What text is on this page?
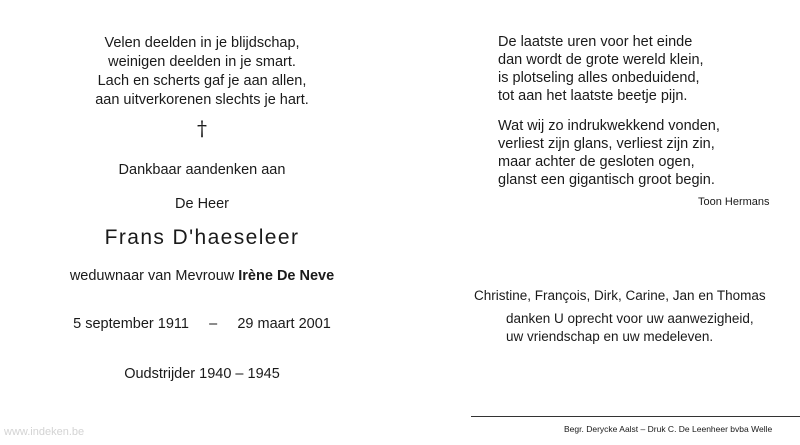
Velen deelden in je blijdschap,
weinigen deelden in je smart.
Lach en scherts gaf je aan allen,
aan uitverkorenen slechts je hart.
†
Dankbaar aandenken aan
De Heer
Frans D'haeseleer
weduwnaar van Mevrouw Irène De Neve
5 september 1911 – 29 maart 2001
Oudstrijder 1940 – 1945
De laatste uren voor het einde
dan wordt de grote wereld klein,
is plotseling alles onbeduidend,
tot aan het laatste beetje pijn.
Wat wij zo indrukwekkend vonden,
verliest zijn glans, verliest zijn zin,
maar achter de gesloten ogen,
glanst een gigantisch groot begin.
Toon Hermans
Christine, François, Dirk, Carine, Jan en Thomas
danken U oprecht voor uw aanwezigheid,
uw vriendschap en uw medeleven.
Begr. Derycke Aalst – Druk C. De Leenheer bvba Welle
www.indeken.be
